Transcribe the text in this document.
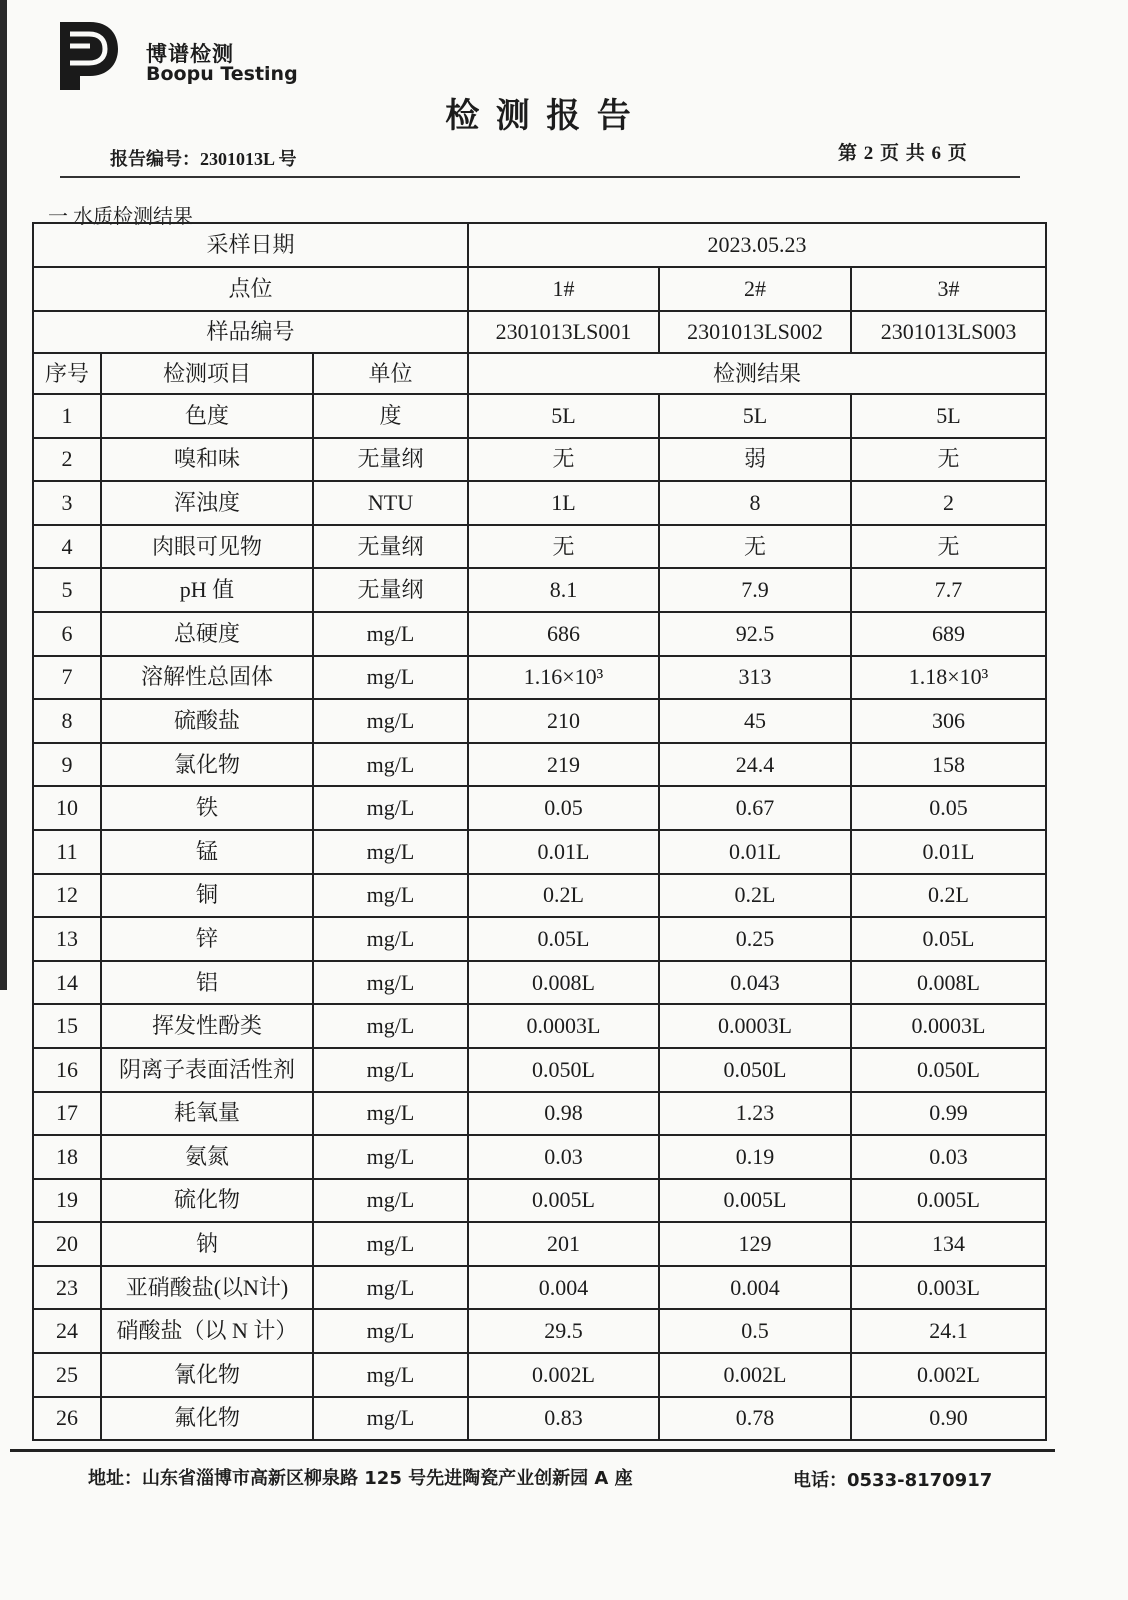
博谱检测
Boopu Testing
检 测 报 告
报告编号：2301013L 号	第 2 页 共 6 页
一 水质检测结果
采样日期			2023.05.23		
点位			1#	2#	3#
样品编号			2301013LS001	2301013LS002	2301013LS003
序号	检测项目	单位	检测结果		
1	色度	度	5L	5L	5L
2	嗅和味	无量纲	无	弱	无
3	浑浊度	NTU	1L	8	2
4	肉眼可见物	无量纲	无	无	无
5	pH 值	无量纲	8.1	7.9	7.7
6	总硬度	mg/L	686	92.5	689
7	溶解性总固体	mg/L	1.16×10³	313	1.18×10³
8	硫酸盐	mg/L	210	45	306
9	氯化物	mg/L	219	24.4	158
10	铁	mg/L	0.05	0.67	0.05
11	锰	mg/L	0.01L	0.01L	0.01L
12	铜	mg/L	0.2L	0.2L	0.2L
13	锌	mg/L	0.05L	0.25	0.05L
14	铝	mg/L	0.008L	0.043	0.008L
15	挥发性酚类	mg/L	0.0003L	0.0003L	0.0003L
16	阴离子表面活性剂	mg/L	0.050L	0.050L	0.050L
17	耗氧量	mg/L	0.98	1.23	0.99
18	氨氮	mg/L	0.03	0.19	0.03
19	硫化物	mg/L	0.005L	0.005L	0.005L
20	钠	mg/L	201	129	134
23	亚硝酸盐(以N计)	mg/L	0.004	0.004	0.003L
24	硝酸盐（以 N 计）	mg/L	29.5	0.5	24.1
25	氰化物	mg/L	0.002L	0.002L	0.002L
26	氟化物	mg/L	0.83	0.78	0.90
地址：山东省淄博市高新区柳泉路 125 号先进陶瓷产业创新园 A 座	电话：0533-8170917
